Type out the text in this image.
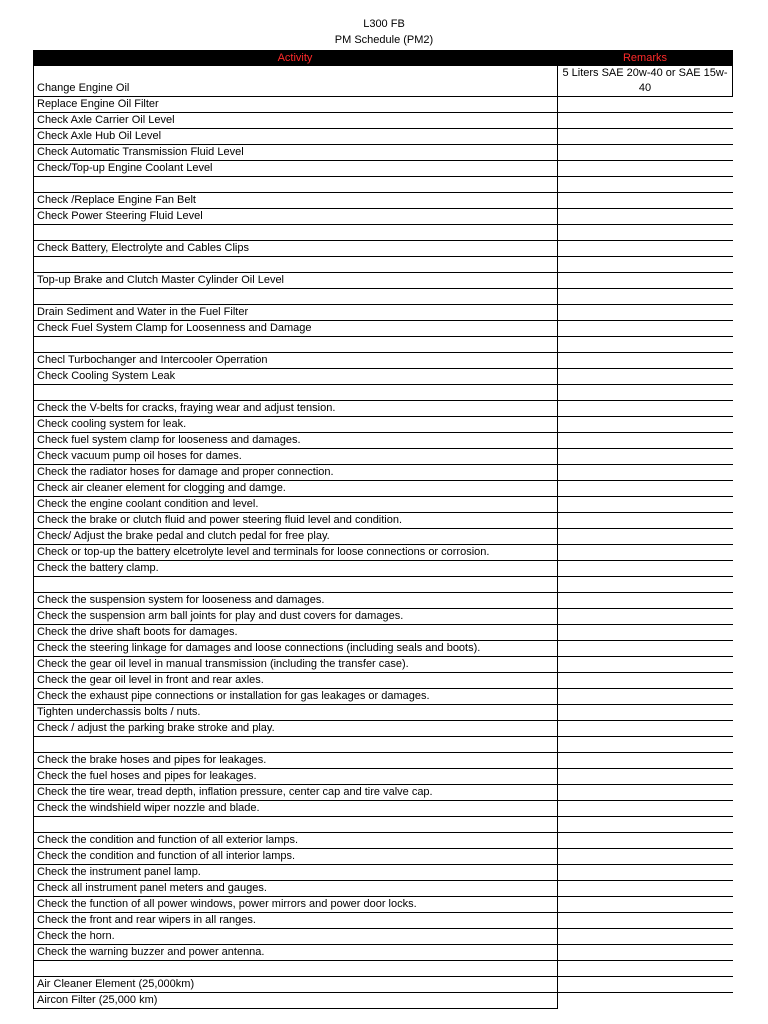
L300 FB
PM Schedule (PM2)
Activity	Remarks
Change Engine Oil
5 Liters SAE 20w-40 or SAE 15w-40
Replace Engine Oil Filter
Check Axle Carrier Oil Level
Check Axle Hub Oil Level
Check Automatic Transmission Fluid Level
Check/Top-up Engine Coolant Level
Check /Replace Engine Fan Belt
Check Power Steering Fluid Level
Check Battery, Electrolyte and Cables Clips
Top-up Brake and Clutch Master Cylinder Oil Level
Drain Sediment and Water in the Fuel Filter
Check Fuel System Clamp for Loosenness and Damage
Checl Turbochanger and Intercooler Operration
Check Cooling System Leak
Check the V-belts for cracks, fraying wear and adjust tension.
Check cooling system for leak.
Check fuel system clamp for looseness and damages.
Check vacuum pump oil hoses for dames.
Check the radiator hoses for damage and proper connection.
Check air cleaner element for clogging and damge.
Check the engine coolant condition and level.
Check the brake or clutch fluid and power steering fluid level and condition.
Check/ Adjust the brake pedal and clutch pedal for free play.
Check or top-up the battery elcetrolyte level and terminals for loose connections or corrosion.
Check the battery clamp.
Check the suspension system for looseness and damages.
Check the suspension arm ball joints for play and dust covers for damages.
Check the drive shaft boots for damages.
Check the steering linkage for damages and loose connections (including seals and boots).
Check the gear oil level in manual transmission (including the transfer case).
Check the gear oil level in front and rear axles.
Check the exhaust pipe connections or installation for gas leakages or damages.
Tighten underchassis bolts / nuts.
Check / adjust the parking brake stroke and play.
Check the brake hoses and pipes for leakages.
Check the fuel hoses and pipes for leakages.
Check the tire wear, tread depth, inflation pressure, center cap and tire valve cap.
Check the windshield wiper nozzle and blade.
Check the condition and function of all exterior lamps.
Check the condition and function of all interior lamps.
Check the instrument panel lamp.
Check all instrument panel meters and gauges.
Check the function of all power windows, power mirrors and power door locks.
Check the front and rear wipers in all ranges.
Check the horn.
Check the warning buzzer and power antenna.
Air Cleaner Element (25,000km)
Aircon Filter (25,000 km)
